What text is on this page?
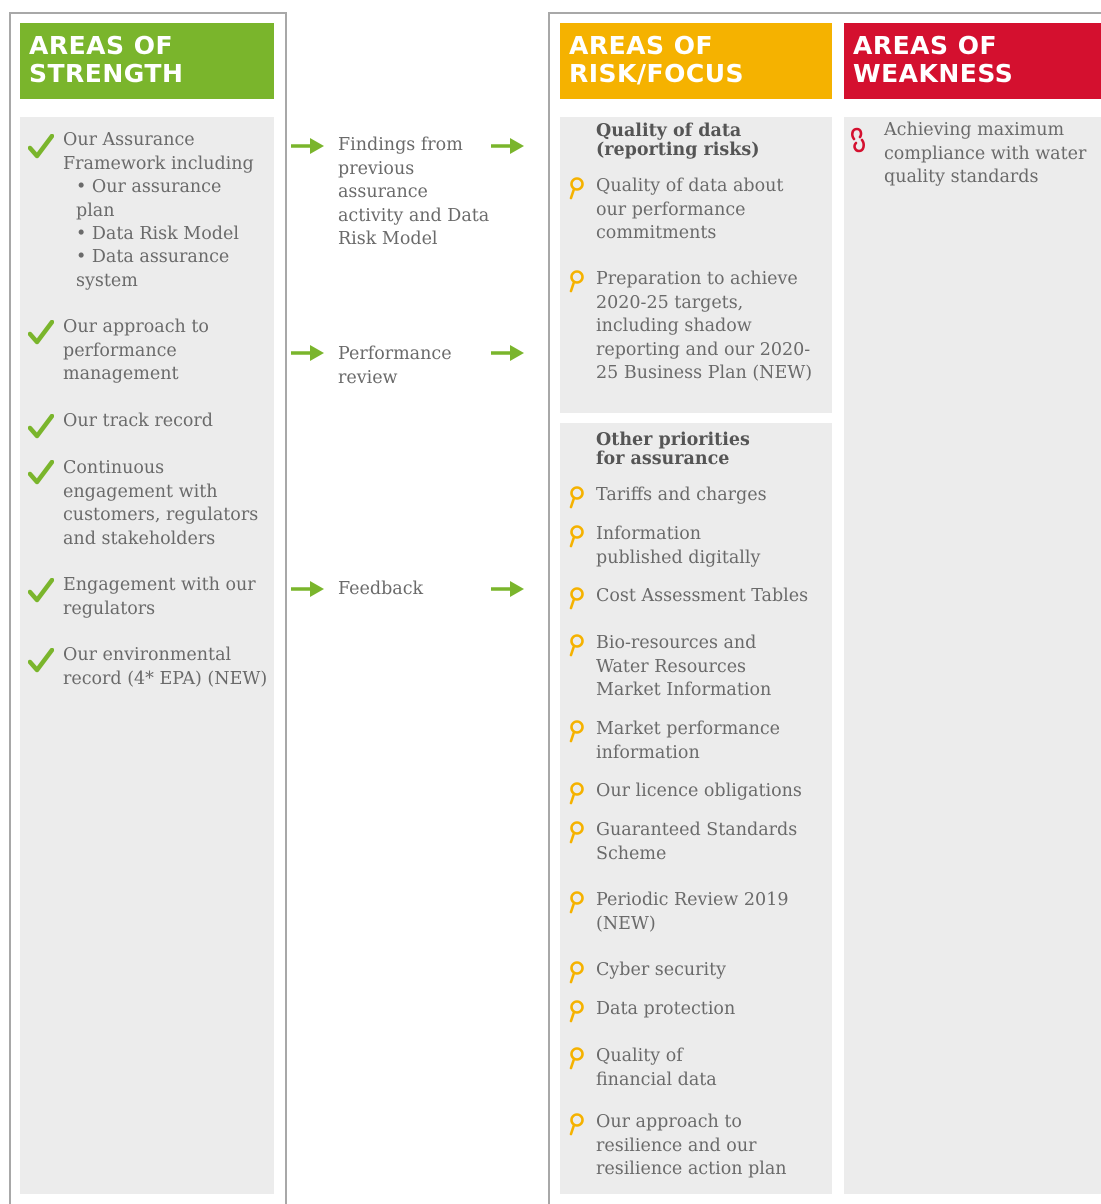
AREAS OF
STRENGTH
AREAS OF
RISK/FOCUS
AREAS OF
WEAKNESS
Our Assurance Framework including
• Our assurance plan
• Data Risk Model
• Data assurance system
Our approach to performance management
Our track record
Continuous engagement with customers, regulators and stakeholders
Engagement with our regulators
Our environmental record (4* EPA) (NEW)
Findings from previous assurance activity and Data Risk Model
Performance review
Feedback
Quality of data (reporting risks)
Quality of data about our performance commitments
Preparation to achieve 2020-25 targets, including shadow reporting and our 2020-25 Business Plan (NEW)
Other priorities for assurance
Tariffs and charges
Information published digitally
Cost Assessment Tables
Bio-resources and Water Resources Market Information
Market performance information
Our licence obligations
Guaranteed Standards Scheme
Periodic Review 2019 (NEW)
Cyber security
Data protection
Quality of financial data
Our approach to resilience and our resilience action plan
Achieving maximum compliance with water quality standards
